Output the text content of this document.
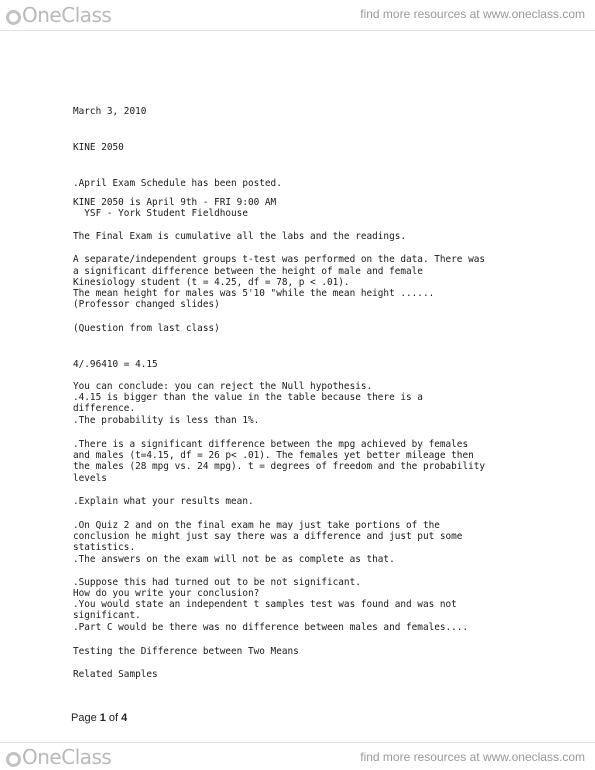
OneClass	find more resources at www.oneclass.com
March 3, 2010
KINE 2050
.April Exam Schedule has been posted.
KINE 2050 is April 9th - FRI 9:00 AM
YSF - York Student Fieldhouse
The Final Exam is cumulative all the labs and the readings.
A separate/independent groups t-test was performed on the data. There was
a significant difference between the height of male and female
Kinesiology student (t = 4.25, df = 78, p < .01).
The mean height for males was 5'10 "while the mean height ......
(Professor changed slides)
(Question from last class)
4/.96410 = 4.15
You can conclude: you can reject the Null hypothesis.
.4.15 is bigger than the value in the table because there is a
difference.
.The probability is less than 1%.
.There is a significant difference between the mpg achieved by females
and males (t=4.15, df = 26 p< .01). The females yet better mileage then
the males (28 mpg vs. 24 mpg). t = degrees of freedom and the probability
levels
.Explain what your results mean.
.On Quiz 2 and on the final exam he may just take portions of the
conclusion he might just say there was a difference and just put some
statistics.
.The answers on the exam will not be as complete as that.
.Suppose this had turned out to be not significant.
How do you write your conclusion?
.You would state an independent t samples test was found and was not
significant.
.Part C would be there was no difference between males and females....
Testing the Difference between Two Means
Related Samples
Page 1 of 4
OneClass	find more resources at www.oneclass.com
